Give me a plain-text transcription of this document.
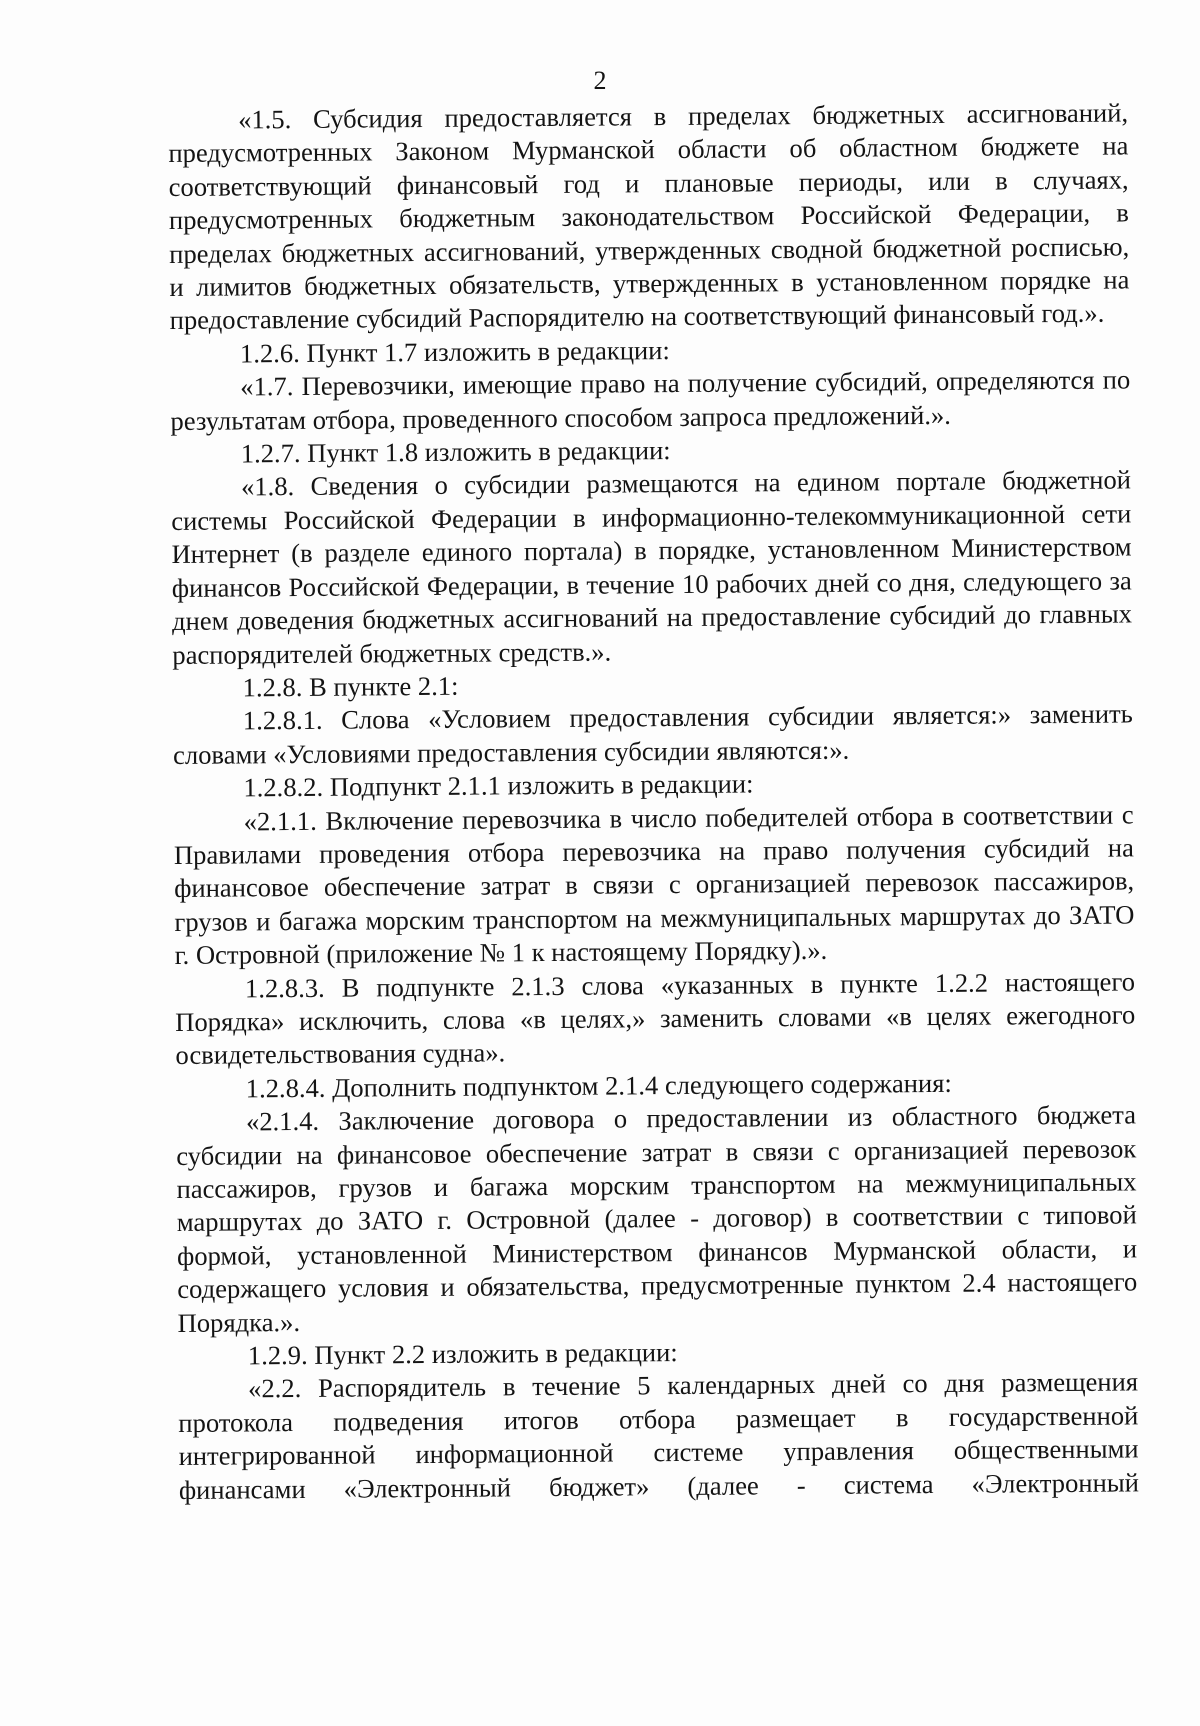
2

«1.5. Субсидия предоставляется в пределах бюджетных ассигнований, предусмотренных Законом Мурманской области об областном бюджете на соответствующий финансовый год и плановые периоды, или в случаях, предусмотренных бюджетным законодательством Российской Федерации, в пределах бюджетных ассигнований, утвержденных сводной бюджетной росписью, и лимитов бюджетных обязательств, утвержденных в установленном порядке на предоставление субсидий Распорядителю на соответствующий финансовый год.».

1.2.6. Пункт 1.7 изложить в редакции:

«1.7. Перевозчики, имеющие право на получение субсидий, определяются по результатам отбора, проведенного способом запроса предложений.».

1.2.7. Пункт 1.8 изложить в редакции:

«1.8. Сведения о субсидии размещаются на едином портале бюджетной системы Российской Федерации в информационно-телекоммуникационной сети Интернет (в разделе единого портала) в порядке, установленном Министерством финансов Российской Федерации, в течение 10 рабочих дней со дня, следующего за днем доведения бюджетных ассигнований на предоставление субсидий до главных распорядителей бюджетных средств.».

1.2.8. В пункте 2.1:

1.2.8.1. Слова «Условием предоставления субсидии является:» заменить словами «Условиями предоставления субсидии являются:».

1.2.8.2. Подпункт 2.1.1 изложить в редакции:

«2.1.1. Включение перевозчика в число победителей отбора в соответствии с Правилами проведения отбора перевозчика на право получения субсидий на финансовое обеспечение затрат в связи с организацией перевозок пассажиров, грузов и багажа морским транспортом на межмуниципальных маршрутах до ЗАТО г. Островной (приложение № 1 к настоящему Порядку).».

1.2.8.3. В подпункте 2.1.3 слова «указанных в пункте 1.2.2 настоящего Порядка» исключить, слова «в целях,» заменить словами «в целях ежегодного освидетельствования судна».

1.2.8.4. Дополнить подпунктом 2.1.4 следующего содержания:

«2.1.4. Заключение договора о предоставлении из областного бюджета субсидии на финансовое обеспечение затрат в связи с организацией перевозок пассажиров, грузов и багажа морским транспортом на межмуниципальных маршрутах до ЗАТО г. Островной (далее - договор) в соответствии с типовой формой, установленной Министерством финансов Мурманской области, и содержащего условия и обязательства, предусмотренные пунктом 2.4 настоящего Порядка.».

1.2.9. Пункт 2.2 изложить в редакции:

«2.2. Распорядитель в течение 5 календарных дней со дня размещения протокола подведения итогов отбора размещает в государственной интегрированной информационной системе управления общественными финансами «Электронный бюджет» (далее - система «Электронный
